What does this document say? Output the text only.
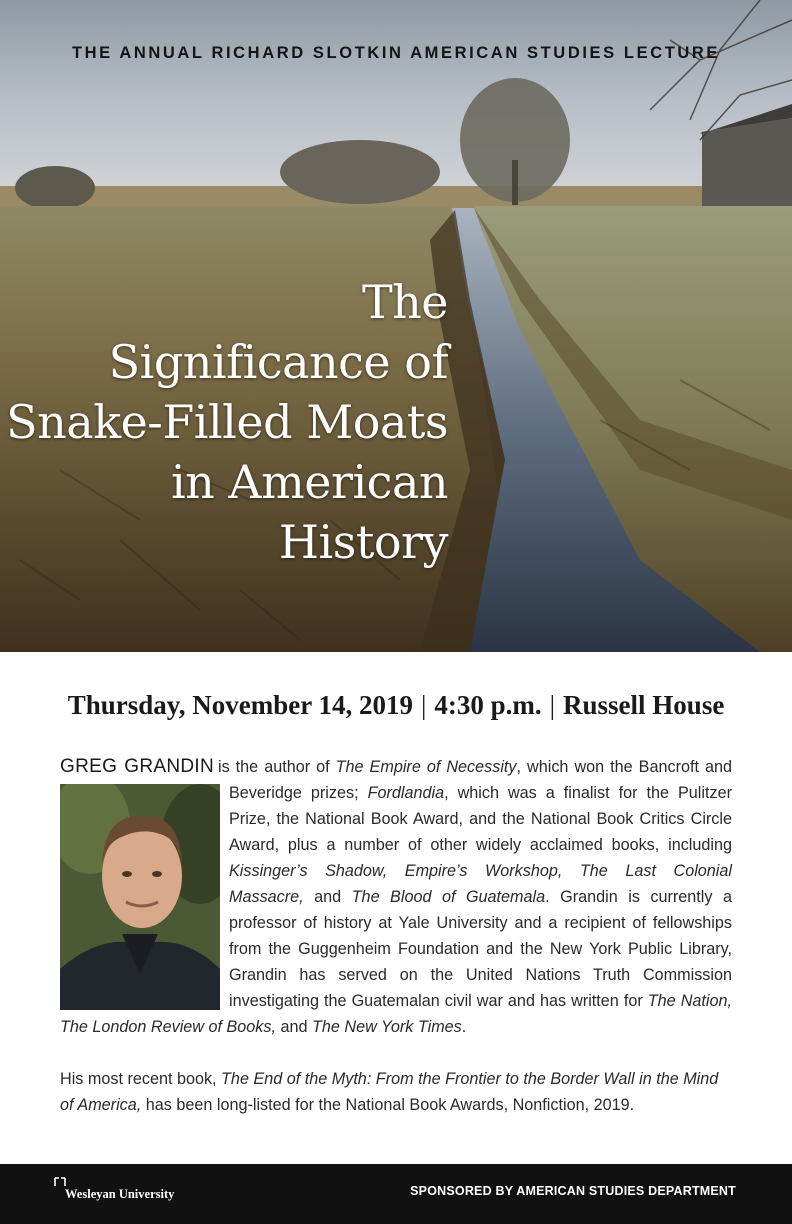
THE ANNUAL RICHARD SLOTKIN AMERICAN STUDIES LECTURE
The
Significance of
Snake-Filled Moats
in American
History
Thursday, November 14, 2019 | 4:30 p.m. | Russell House
GREG GRANDIN is the author of The Empire of Necessity, which won the Bancroft and Beveridge prizes;
Fordlandia, which was a finalist for the Pulitzer Prize, the National Book Award, and the National Book Critics Circle Award, plus a number of other widely acclaimed books, including Kissinger’s Shadow, Empire’s Workshop, The Last Colonial Massacre, and The Blood of Guatemala. Grandin is currently a professor of history at Yale University and a recipient of fellowships from the Guggenheim Foundation and the New York Public Library, Grandin has served on the United Nations Truth Commission investigating the Guatemalan civil war and has written for The Nation, The London Review of Books, and The New York Times.
His most recent book, The End of the Myth: From the Frontier to the Border Wall in the Mind of America, has been long-listed for the National Book Awards, Nonfiction, 2019.
Wesleyan University	SPONSORED BY AMERICAN STUDIES DEPARTMENT
